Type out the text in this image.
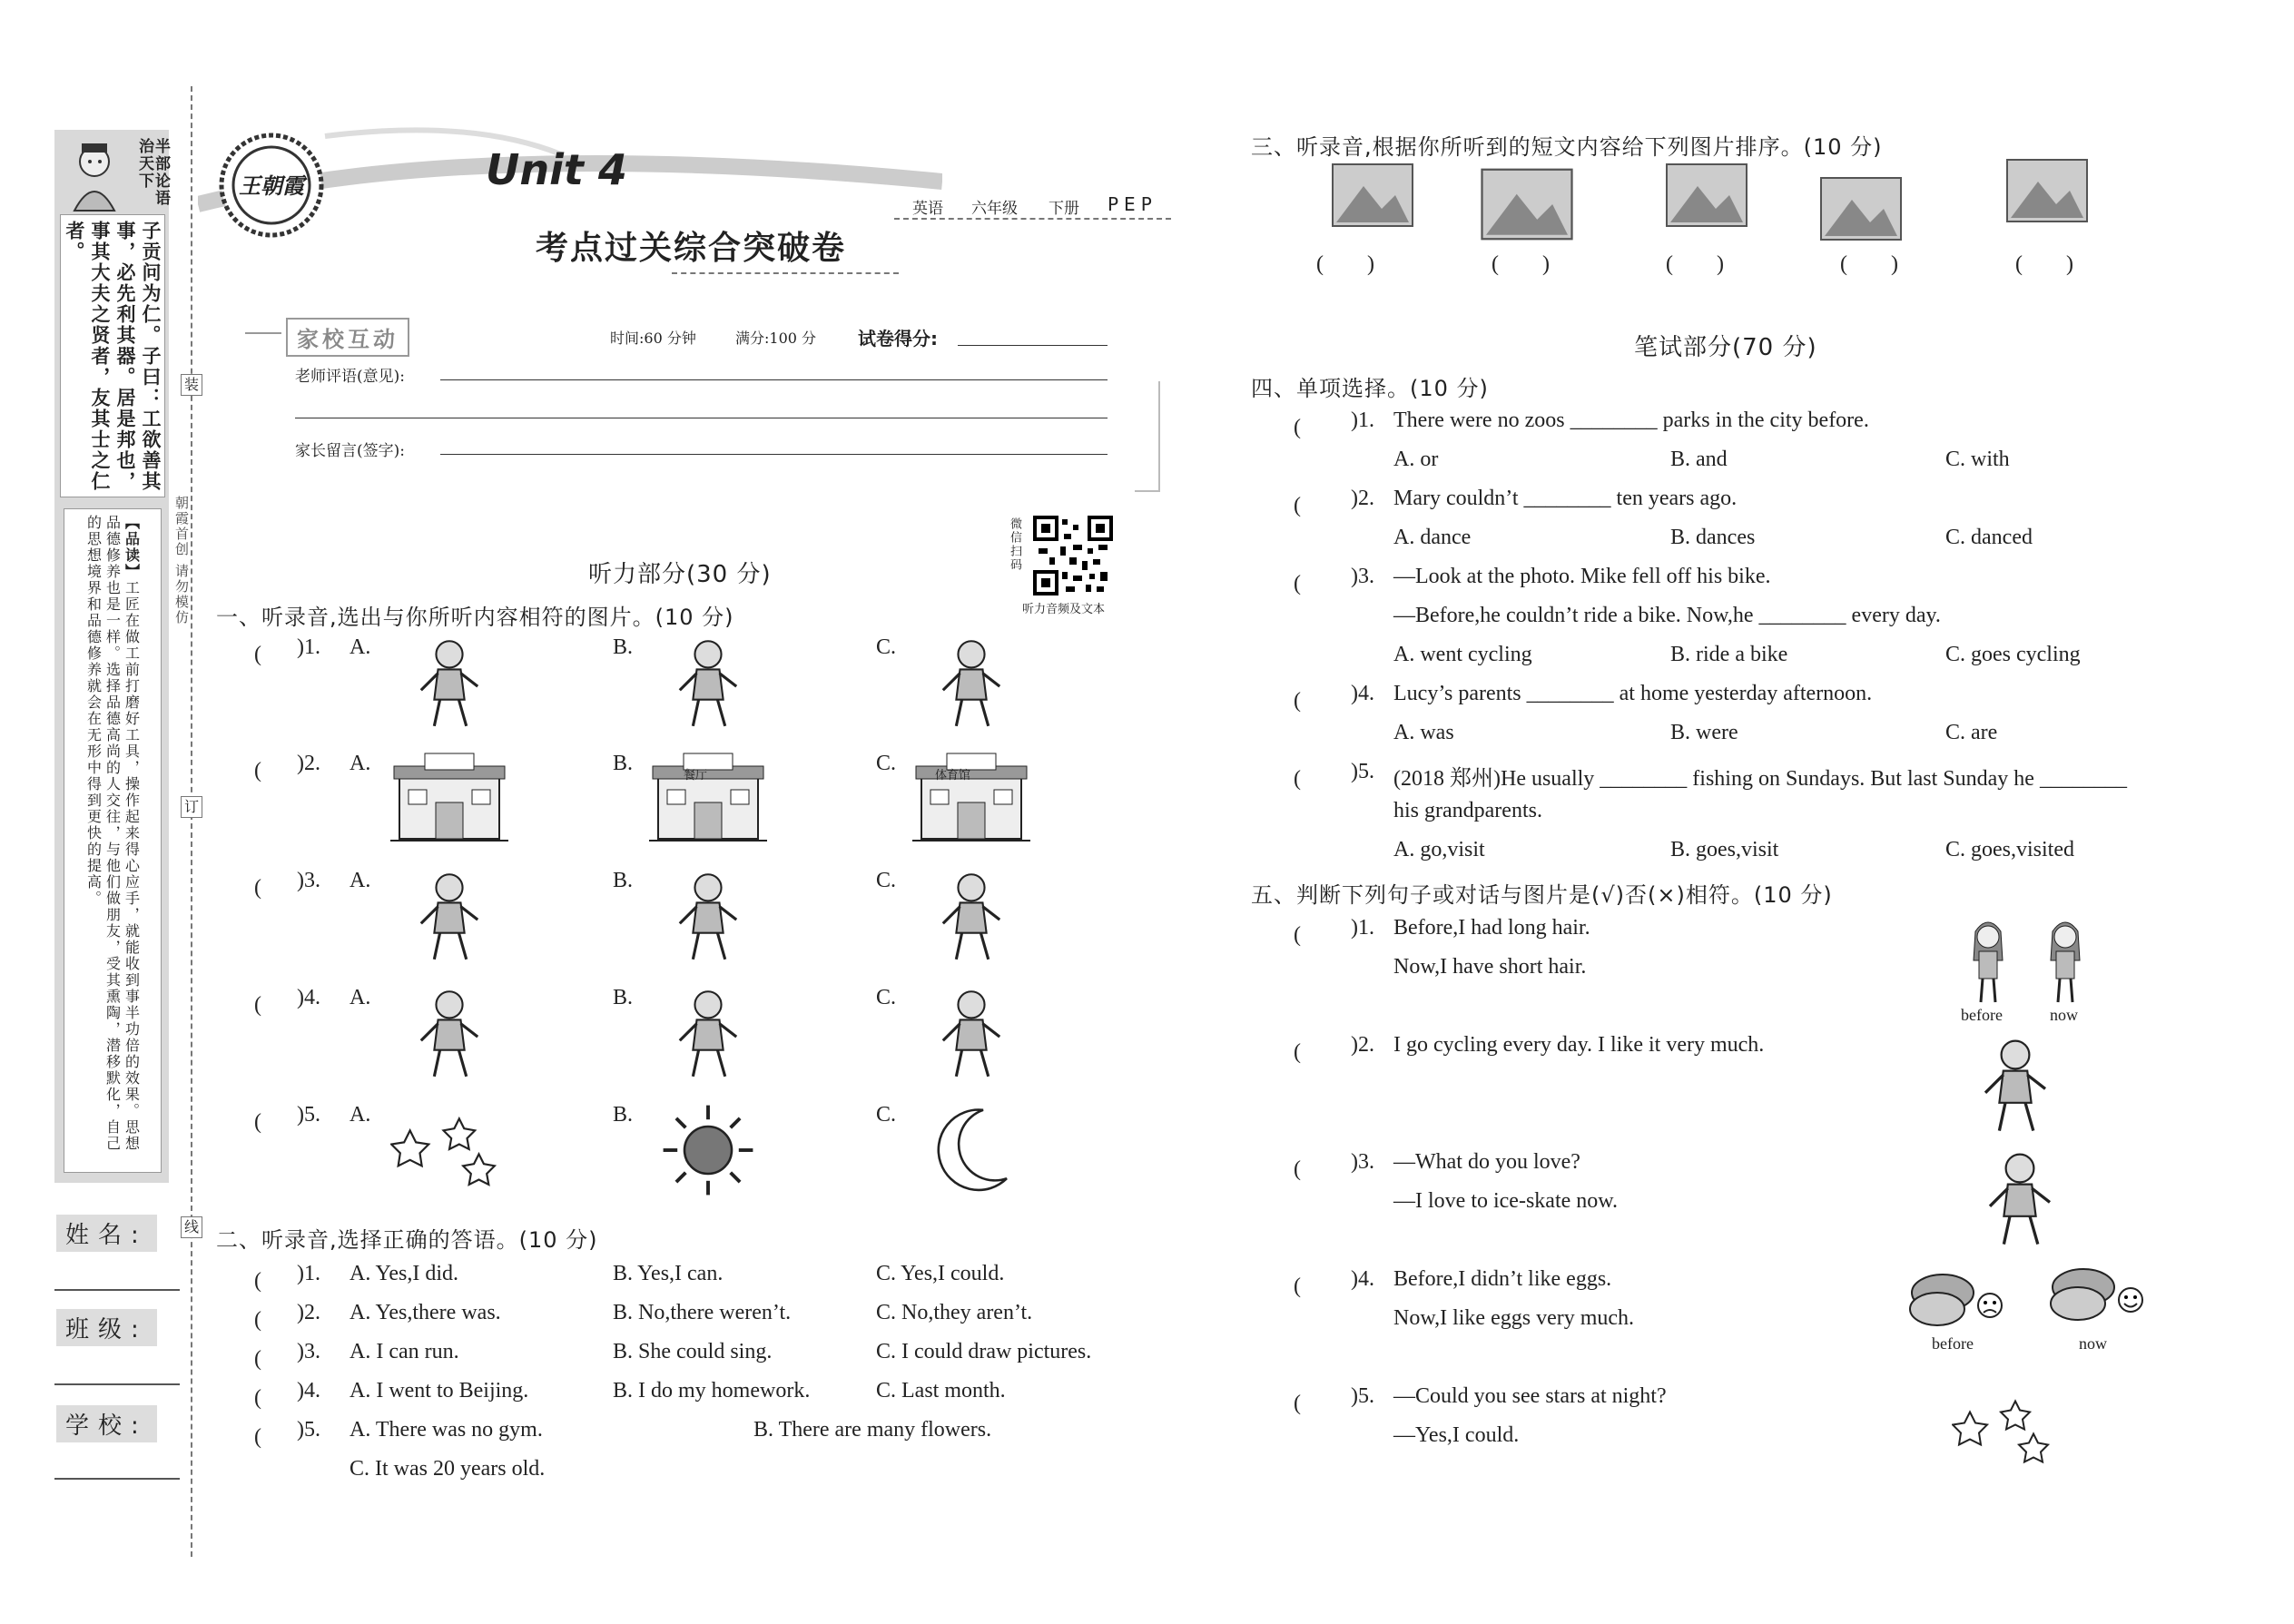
半部论语治天下
子贡问为仁。子曰：工欲善其事，必先利其器。居是邦也，事其大夫之贤者，友其士之仁者。
【品读】工匠在做工前打磨好工具，操作起来得心应手，就能收到事半功倍的效果。思想品德修养也是一样。选择品德高尚的人交往，与他们做朋友，受其熏陶，潜移默化，自己的思想境界和品德修养就会在无形中得到更快的提高。
姓名:
班级:
学校:
装
订
线
朝霞首创 请勿模仿
王朝霞	Unit 4
考点过关综合突破卷
英语 六年级 下册 PEP
家校互动	时间:60 分钟	满分:100 分 试卷得分:
老师评语(意见):
家长留言(签字):
微信扫码
听力音频及文本
听力部分(30 分)
一、听录音,选出与你所听内容相符的图片。(10 分)
二、听录音,选择正确的答语。(10 分)
三、听录音,根据你所听到的短文内容给下列图片排序。(10 分)
笔试部分(70 分)
四、单项选择。(10 分)
五、判断下列句子或对话与图片是(√)否(×)相符。(10 分)
(　　
)1. A.	B.	C.
(　　
)2. A.	B.	C.
(　　
)3. A.	B.	C.
(　　
)4. A.	B.	C.
(　　
)5. A.	B.	C.
餐厅	体育馆
(　　
)1. A. Yes,I did.	B. Yes,I can.	C. Yes,I could.
(　　
)2. A. Yes,there was.	B. No,there weren’t.	C. No,they aren’t.
(　　
)3. A. I can run.	B. She could sing.	C. I could draw pictures.
(　　
)4. A. I went to Beijing.	B. I do my homework.	C. Last month.
(　　
)5. A. There was no gym.	B. There are many flowers.
C. It was 20 years old.
(　　)	(　　)	(　　)	(　　)	(　　)
(　　 )1. There were no zoos ________ parks in the city before.
A. or	B. and	C. with
(　　 )2. Mary couldn’t ________ ten years ago.
A. dance	B. dances	C. danced
(　　 )3. —Look at the photo. Mike fell off his bike.
—Before,he couldn’t ride a bike. Now,he ________ every day.
A. went cycling	B. ride a bike	C. goes cycling
(　　 )4. Lucy’s parents ________ at home yesterday afternoon.
A. was	B. were	C. are
(　　 )5. (2018 郑州)He usually ________ fishing on Sundays. But last Sunday he ________
his grandparents.
A. go,visit	B. goes,visit	C. goes,visited
(　　 )1. Before,I had long hair.
Now,I have short hair.
(　　 )2. I go cycling every day. I like it very much.
(　　 )3. —What do you love?
—I love to ice-skate now.
(　　 )4. Before,I didn’t like eggs.
Now,I like eggs very much.
(　　 )5. —Could you see stars at night?
—Yes,I could.
before	now
before	now
